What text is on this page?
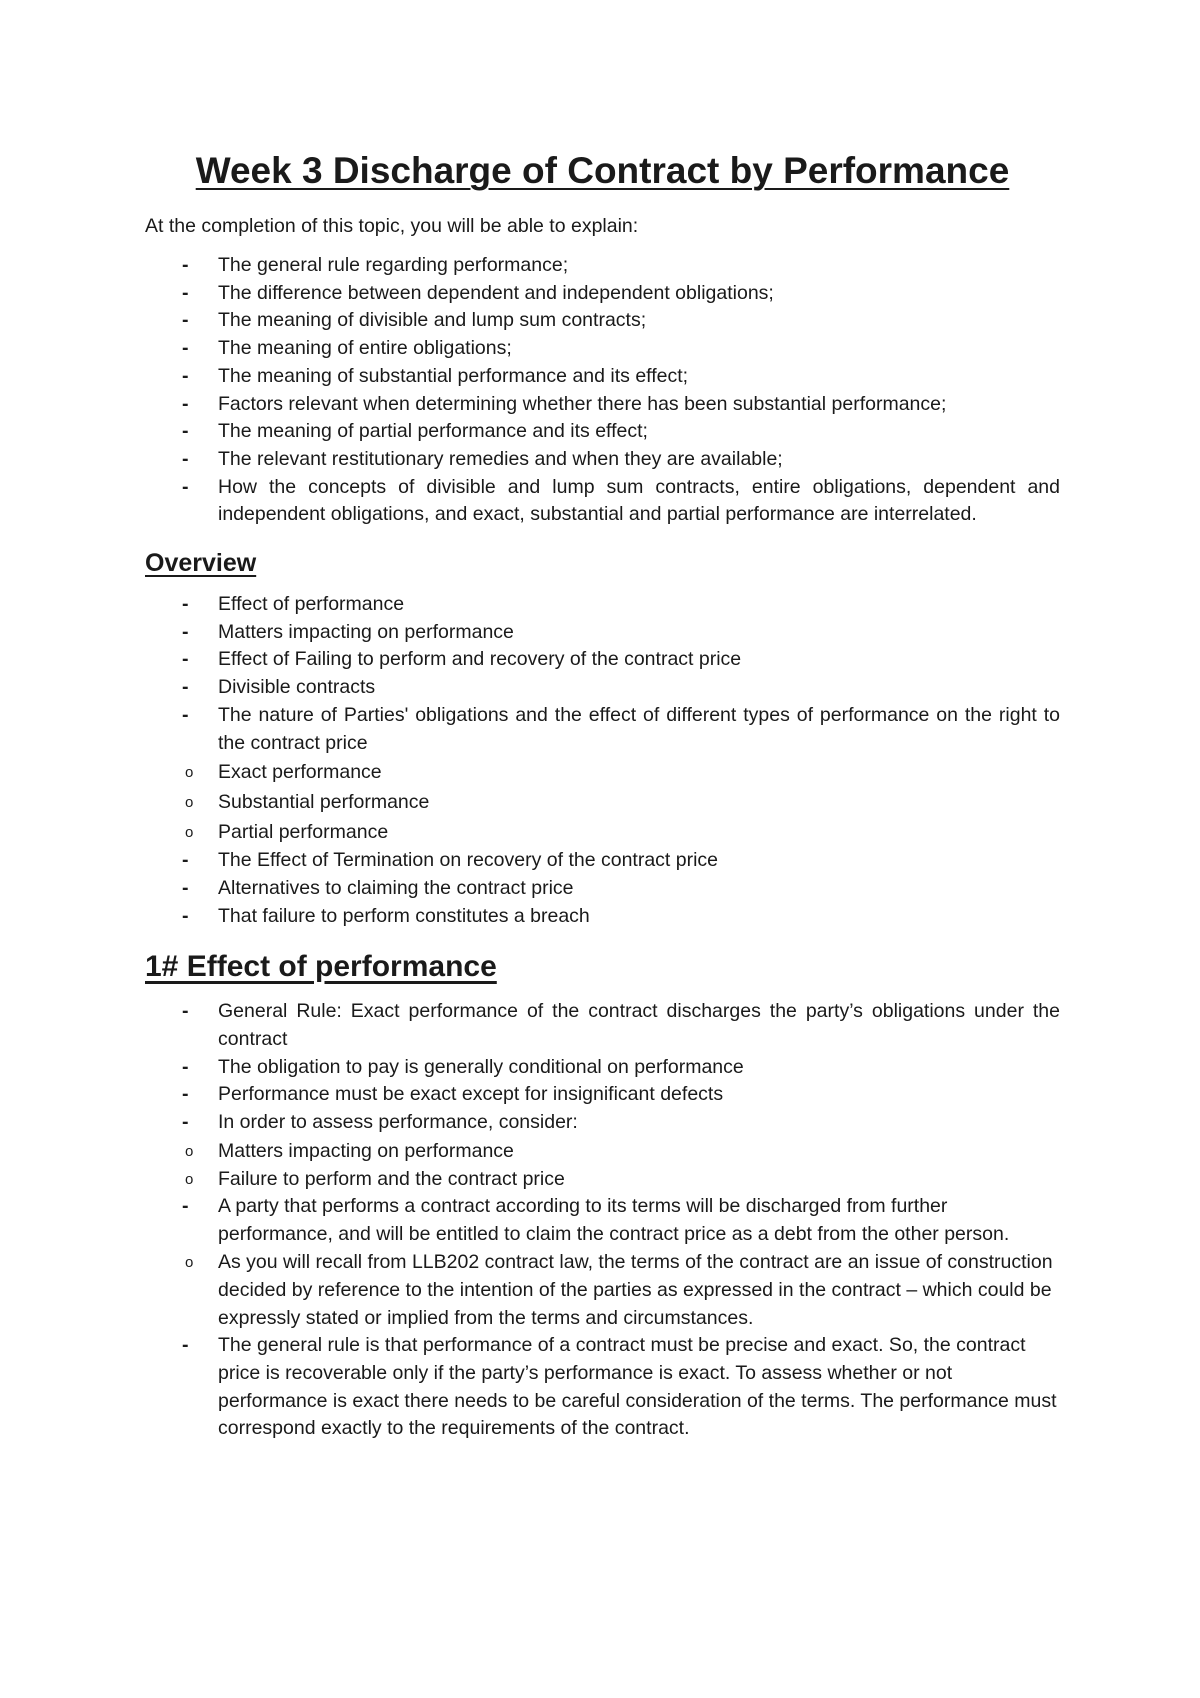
Week 3 Discharge of Contract by Performance

At the completion of this topic, you will be able to explain:

- The general rule regarding performance;
- The difference between dependent and independent obligations;
- The meaning of divisible and lump sum contracts;
- The meaning of entire obligations;
- The meaning of substantial performance and its effect;
- Factors relevant when determining whether there has been substantial performance;
- The meaning of partial performance and its effect;
- The relevant restitutionary remedies and when they are available;
- How the concepts of divisible and lump sum contracts, entire obligations, dependent and independent obligations, and exact, substantial and partial performance are interrelated.
Overview
- Effect of performance
- Matters impacting on performance
- Effect of Failing to perform and recovery of the contract price
- Divisible contracts
- The nature of Parties' obligations and the effect of different types of performance on the right to the contract price
o Exact performance
o Substantial performance
o Partial performance
- The Effect of Termination on recovery of the contract price
- Alternatives to claiming the contract price
- That failure to perform constitutes a breach
1# Effect of performance
- General Rule: Exact performance of the contract discharges the party’s obligations under the contract
- The obligation to pay is generally conditional on performance
- Performance must be exact except for insignificant defects
- In order to assess performance, consider:
o Matters impacting on performance
o Failure to perform and the contract price
- A party that performs a contract according to its terms will be discharged from further performance, and will be entitled to claim the contract price as a debt from the other person.
o As you will recall from LLB202 contract law, the terms of the contract are an issue of construction decided by reference to the intention of the parties as expressed in the contract – which could be expressly stated or implied from the terms and circumstances.
- The general rule is that performance of a contract must be precise and exact. So, the contract price is recoverable only if the party’s performance is exact. To assess whether or not performance is exact there needs to be careful consideration of the terms. The performance must correspond exactly to the requirements of the contract.
